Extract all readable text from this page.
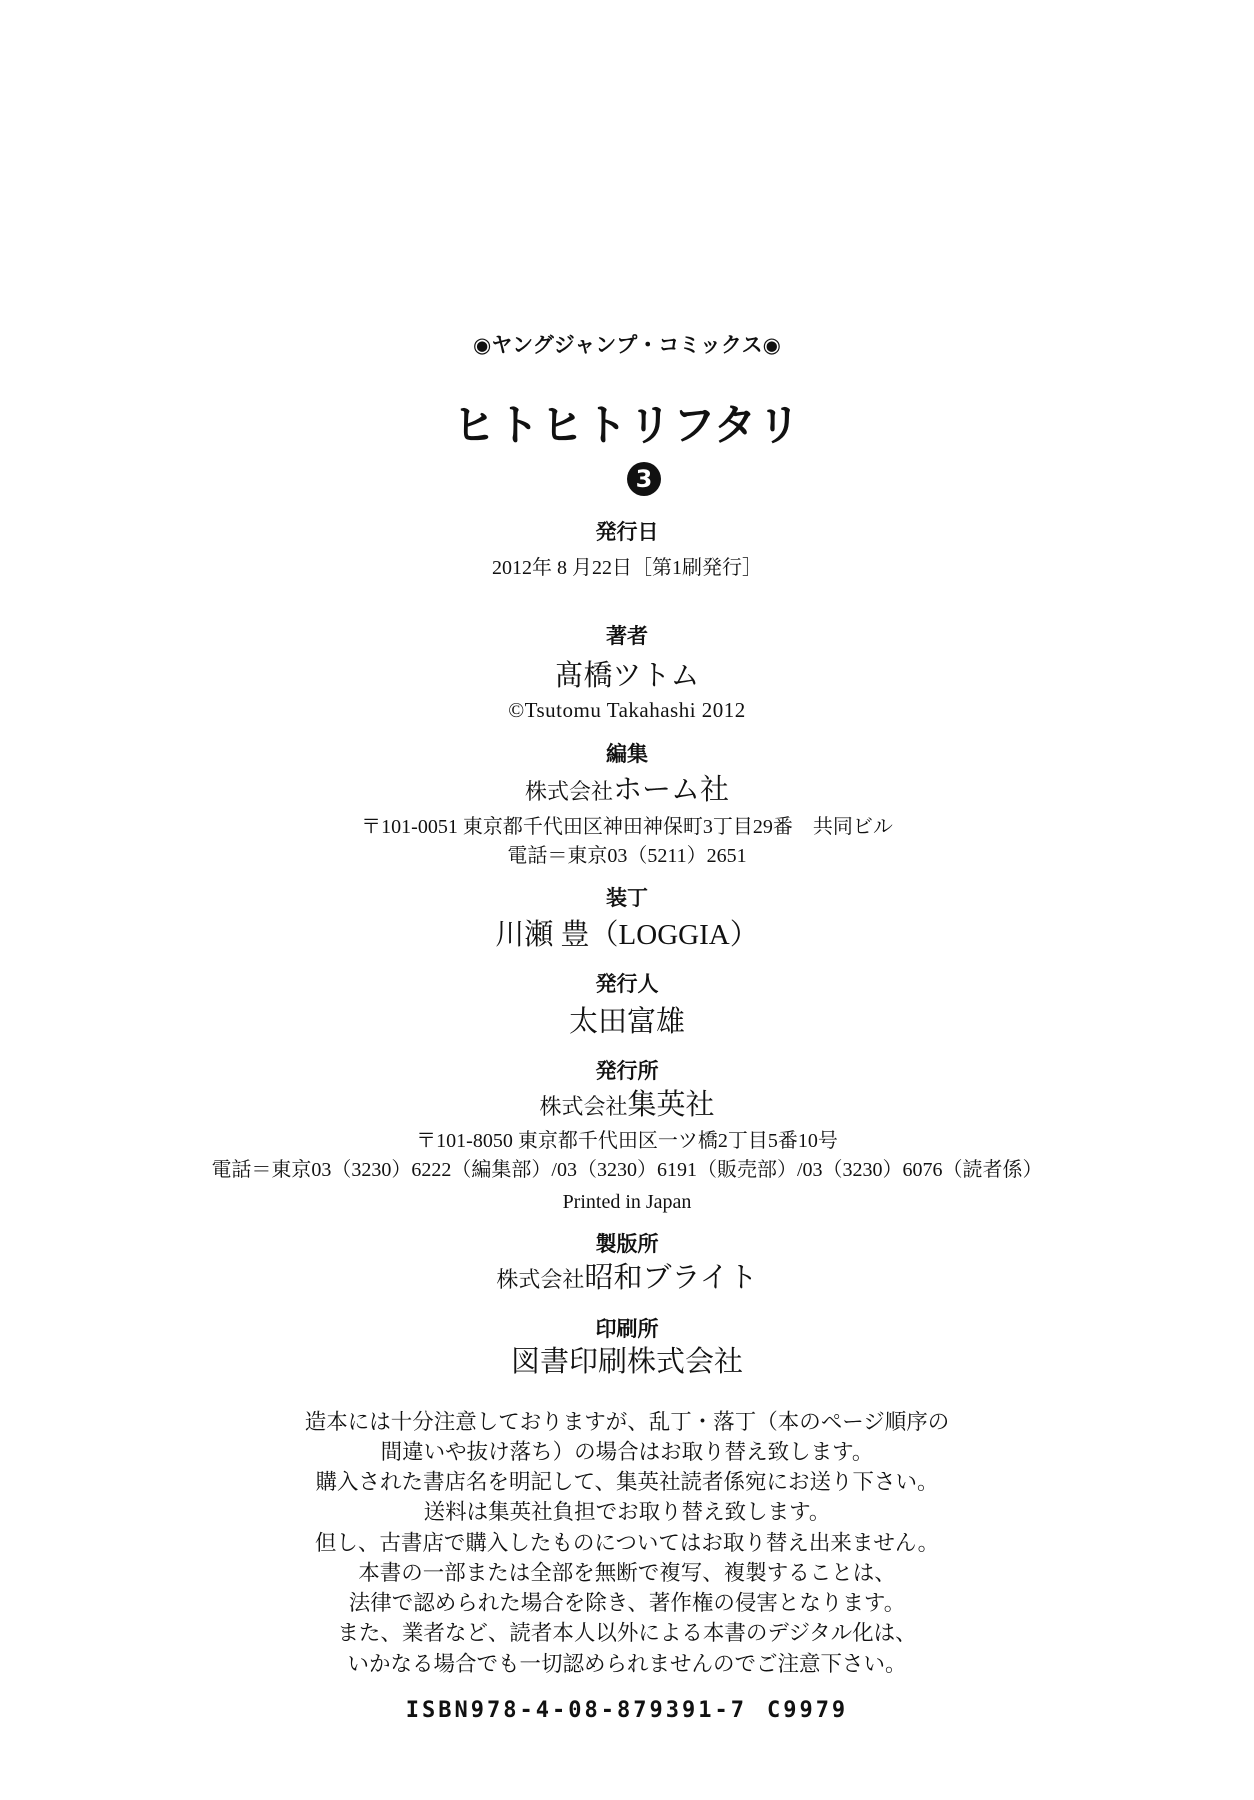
◉ヤングジャンプ・コミックス◉
ヒトヒトリフタリ
3
発行日
2012年 8 月22日［第1刷発行］
著者
髙橋ツトム
©Tsutomu Takahashi 2012
編集
株式会社ホーム社
〒101-0051 東京都千代田区神田神保町3丁目29番　共同ビル
電話＝東京03（5211）2651
装丁
川瀬 豊（LOGGIA）
発行人
太田富雄
発行所
株式会社集英社
〒101-8050 東京都千代田区一ツ橋2丁目5番10号
電話＝東京03（3230）6222（編集部）/03（3230）6191（販売部）/03（3230）6076（読者係）
Printed in Japan
製版所
株式会社昭和ブライト
印刷所
図書印刷株式会社
造本には十分注意しておりますが、乱丁・落丁（本のページ順序の
間違いや抜け落ち）の場合はお取り替え致します。
購入された書店名を明記して、集英社読者係宛にお送り下さい。
送料は集英社負担でお取り替え致します。
但し、古書店で購入したものについてはお取り替え出来ません。
本書の一部または全部を無断で複写、複製することは、
法律で認められた場合を除き、著作権の侵害となります。
また、業者など、読者本人以外による本書のデジタル化は、
いかなる場合でも一切認められませんのでご注意下さい。
ISBN978-4-08-879391-7 C9979
